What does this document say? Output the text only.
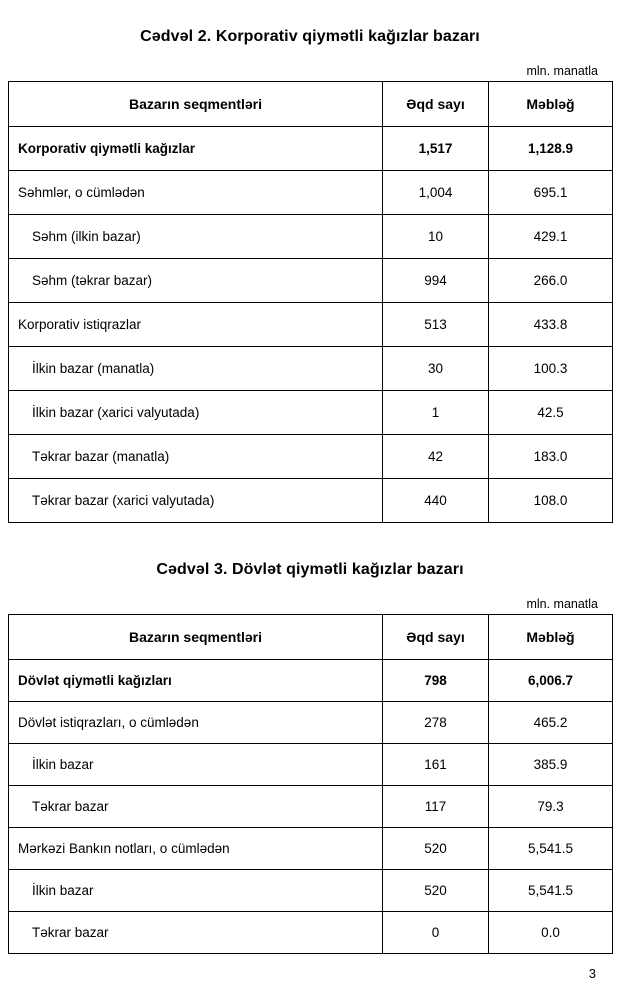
Cədvəl 2. Korporativ qiymətli kağızlar bazarı
mln. manatla
Bazarın seqmentləri	Əqd sayı	Məbləğ
Korporativ qiymətli kağızlar	1,517	1,128.9
Səhmlər, o cümlədən	1,004	695.1
Səhm (ilkin bazar)	10	429.1
Səhm (təkrar bazar)	994	266.0
Korporativ istiqrazlar	513	433.8
İlkin bazar (manatla)	30	100.3
İlkin bazar (xarici valyutada)	1	42.5
Təkrar bazar (manatla)	42	183.0
Təkrar bazar (xarici valyutada)	440	108.0
Cədvəl 3. Dövlət qiymətli kağızlar bazarı
mln. manatla
Bazarın seqmentləri	Əqd sayı	Məbləğ
Dövlət qiymətli kağızları	798	6,006.7
Dövlət istiqrazları, o cümlədən	278	465.2
İlkin bazar	161	385.9
Təkrar bazar	117	79.3
Mərkəzi Bankın notları, o cümlədən	520	5,541.5
İlkin bazar	520	5,541.5
Təkrar bazar	0	0.0
3
